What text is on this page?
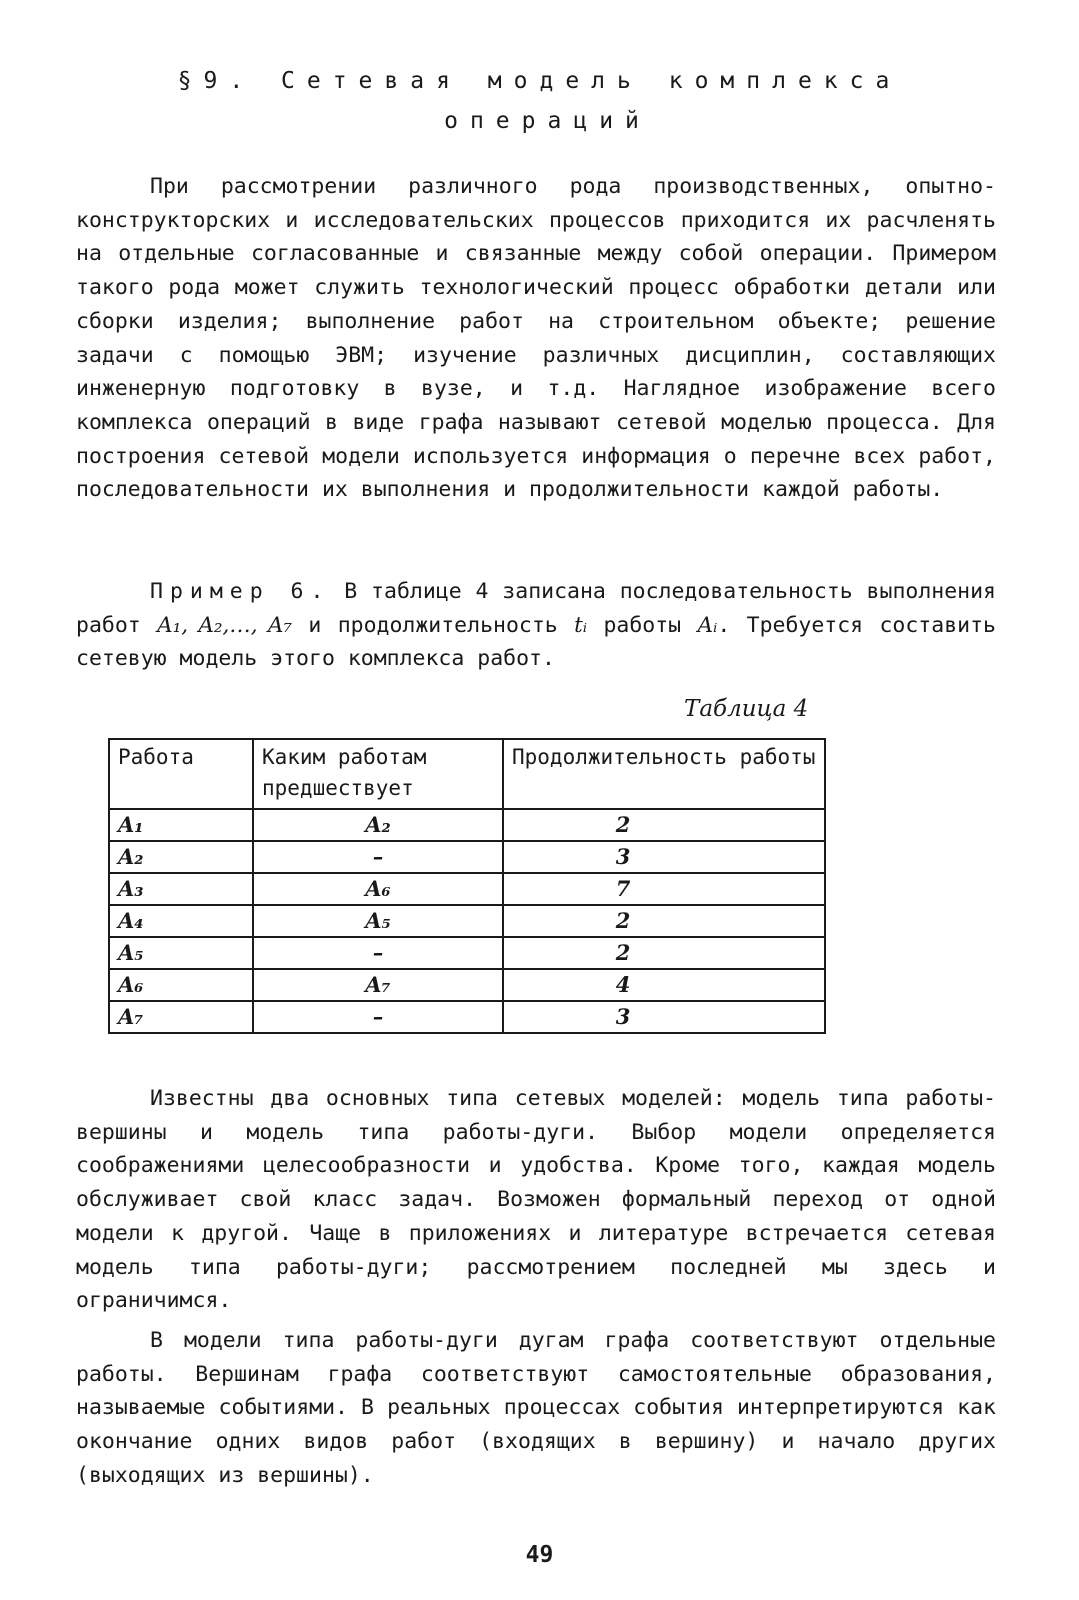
§9. Сетевая модель комплекса
операций

При рассмотрении различного рода производственных, опытно-конструкторских и исследовательских процессов приходится их расчленять на отдельные согласованные и связанные между собой операции. Примером такого рода может служить технологический процесс обработки детали или сборки изделия; выполнение работ на строительном объекте; решение задачи с помощью ЭВМ; изучение различных дисциплин, составляющих инженерную подготовку в вузе, и т.д. Наглядное изображение всего комплекса операций в виде графа называют сетевой моделью процесса. Для построения сетевой модели используется информация о перечне всех работ, последовательности их выполнения и продолжительности каждой работы.

Пример 6. В таблице 4 записана последовательность выполнения работ A₁, A₂,…, A₇ и продолжительность tᵢ работы Aᵢ. Требуется составить сетевую модель этого комплекса работ.

Таблица 4
Работа	Каким работам предшествует	Продолжительность работы
A₁	A₂	2
A₂	–	3
A₃	A₆	7
A₄	A₅	2
A₅	–	2
A₆	A₇	4
A₇	–	3

Известны два основных типа сетевых моделей: модель типа работы-вершины и модель типа работы-дуги. Выбор модели определяется соображениями целесообразности и удобства. Кроме того, каждая модель обслуживает свой класс задач. Возможен формальный переход от одной модели к другой. Чаще в приложениях и литературе встречается сетевая модель типа работы-дуги; рассмотрением последней мы здесь и ограничимся.

В модели типа работы-дуги дугам графа соответствуют отдельные работы. Вершинам графа соответствуют самостоятельные образования, называемые событиями. В реальных процессах события интерпретируются как окончание одних видов работ (входящих в вершину) и начало других (выходящих из вершины).

49
